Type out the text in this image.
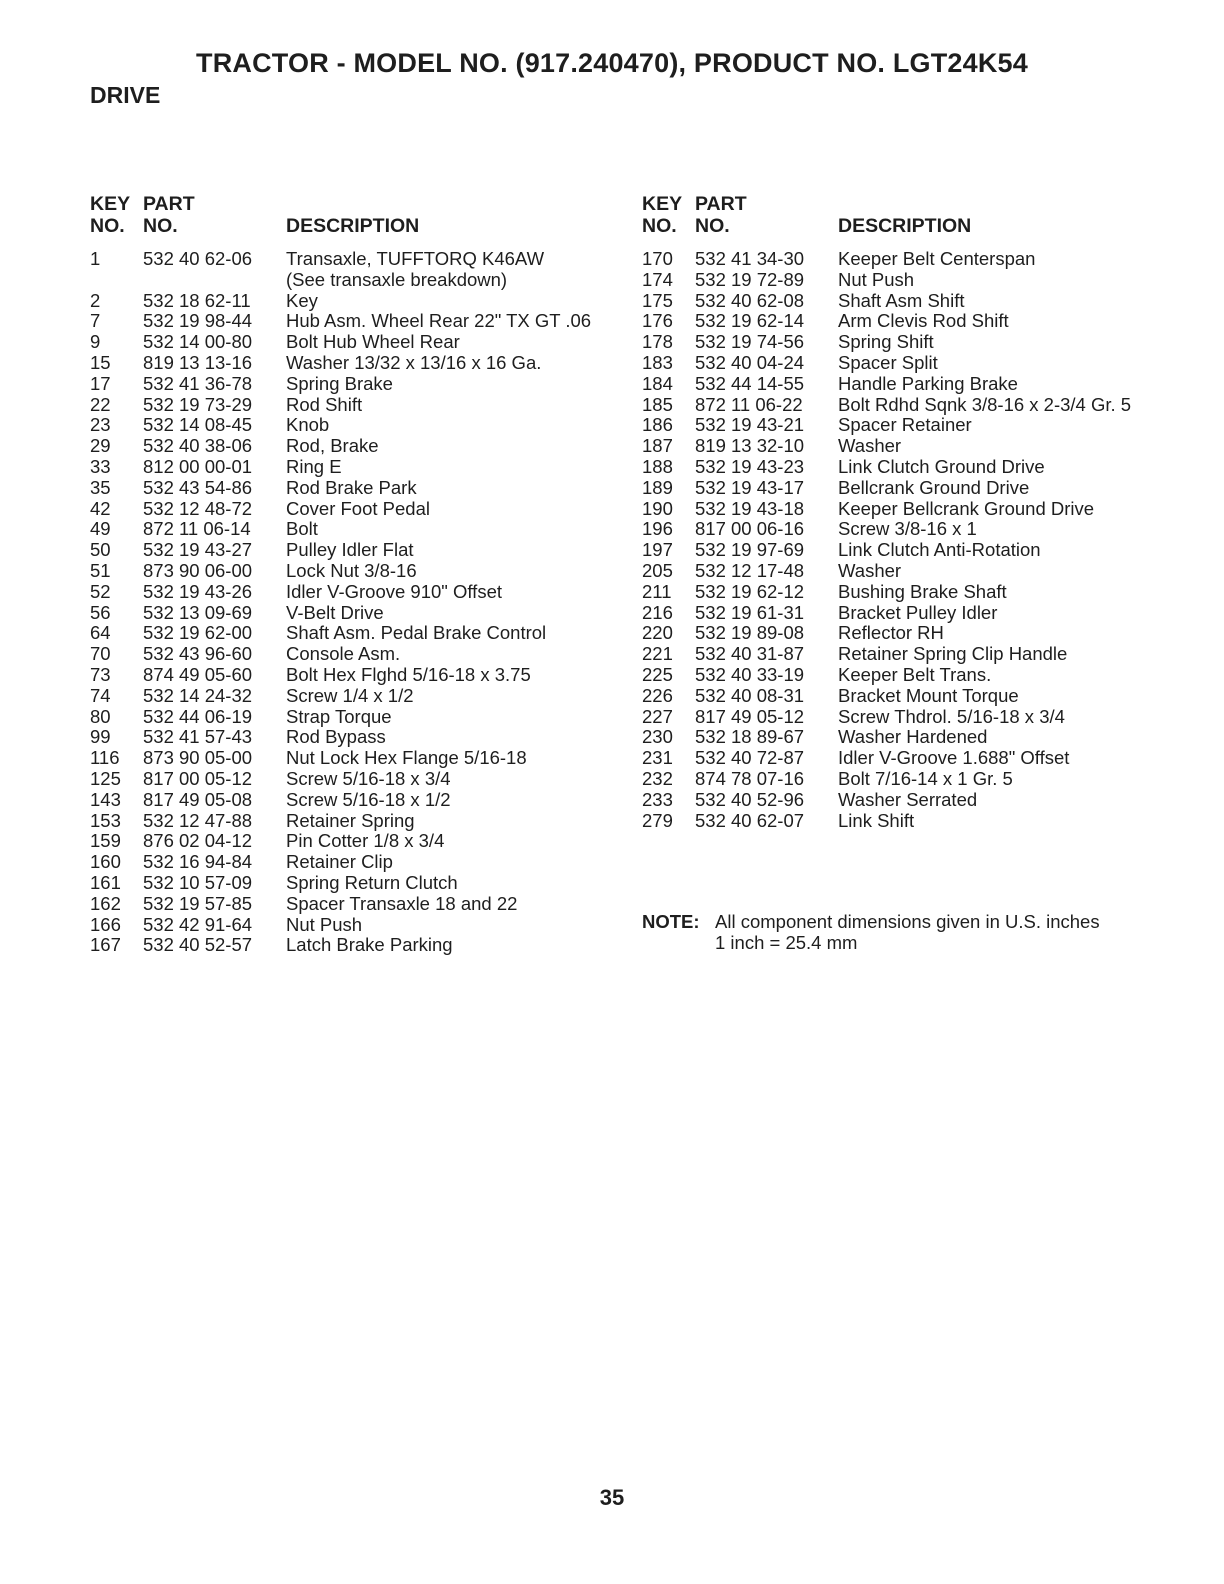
TRACTOR - MODEL NO. (917.240470), PRODUCT NO. LGT24K54
DRIVE
KEY PART
NO. NO.	DESCRIPTION
1 532 40 62-06 Transaxle, TUFFTORQ K46AW
(See transaxle breakdown)
2 532 18 62-11 Key
7 532 19 98-44 Hub Asm. Wheel Rear 22" TX GT .06
9 532 14 00-80 Bolt Hub Wheel Rear
15 819 13 13-16 Washer 13/32 x 13/16 x 16 Ga.
17 532 41 36-78 Spring Brake
22 532 19 73-29 Rod Shift
23 532 14 08-45 Knob
29 532 40 38-06 Rod, Brake
33 812 00 00-01 Ring E
35 532 43 54-86 Rod Brake Park
42 532 12 48-72 Cover Foot Pedal
49 872 11 06-14 Bolt
50 532 19 43-27 Pulley Idler Flat
51 873 90 06-00 Lock Nut 3/8-16
52 532 19 43-26 Idler V-Groove 910" Offset
56 532 13 09-69 V-Belt Drive
64 532 19 62-00 Shaft Asm. Pedal Brake Control
70 532 43 96-60 Console Asm.
73 874 49 05-60 Bolt Hex Flghd 5/16-18 x 3.75
74 532 14 24-32 Screw 1/4 x 1/2
80 532 44 06-19 Strap Torque
99 532 41 57-43 Rod Bypass
116 873 90 05-00 Nut Lock Hex Flange 5/16-18
125 817 00 05-12 Screw 5/16-18 x 3/4
143 817 49 05-08 Screw 5/16-18 x 1/2
153 532 12 47-88 Retainer Spring
159 876 02 04-12 Pin Cotter 1/8 x 3/4
160 532 16 94-84 Retainer Clip
161 532 10 57-09 Spring Return Clutch
162 532 19 57-85 Spacer Transaxle 18 and 22
166 532 42 91-64 Nut Push
167 532 40 52-57 Latch Brake Parking
KEY PART
NO. NO.	DESCRIPTION
170 532 41 34-30 Keeper Belt Centerspan
174 532 19 72-89 Nut Push
175 532 40 62-08 Shaft Asm Shift
176 532 19 62-14 Arm Clevis Rod Shift
178 532 19 74-56 Spring Shift
183 532 40 04-24 Spacer Split
184 532 44 14-55 Handle Parking Brake
185 872 11 06-22 Bolt Rdhd Sqnk 3/8-16 x 2-3/4 Gr. 5
186 532 19 43-21 Spacer Retainer
187 819 13 32-10 Washer
188 532 19 43-23 Link Clutch Ground Drive
189 532 19 43-17 Bellcrank Ground Drive
190 532 19 43-18 Keeper Bellcrank Ground Drive
196 817 00 06-16 Screw 3/8-16 x 1
197 532 19 97-69 Link Clutch Anti-Rotation
205 532 12 17-48 Washer
211 532 19 62-12 Bushing Brake Shaft
216 532 19 61-31 Bracket Pulley Idler
220 532 19 89-08 Reflector RH
221 532 40 31-87 Retainer Spring Clip Handle
225 532 40 33-19 Keeper Belt Trans.
226 532 40 08-31 Bracket Mount Torque
227 817 49 05-12 Screw Thdrol. 5/16-18 x 3/4
230 532 18 89-67 Washer Hardened
231 532 40 72-87 Idler V-Groove 1.688" Offset
232 874 78 07-16 Bolt 7/16-14 x 1 Gr. 5
233 532 40 52-96 Washer Serrated
279 532 40 62-07 Link Shift
NOTE: All component dimensions given in U.S. inches
1 inch = 25.4 mm
35
